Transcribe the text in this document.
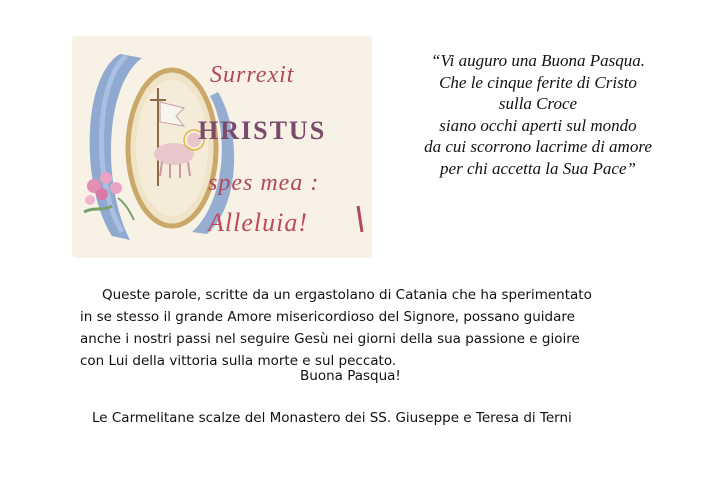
Surrexit
HRISTUS
spes mea :
Alleluia!
“Vi auguro una Buona Pasqua.
Che le cinque ferite di Cristo
sulla Croce
siano occhi aperti sul mondo
da cui scorrono lacrime di amore
per chi accetta la Sua Pace”
Queste parole, scritte da un ergastolano di Catania che ha sperimentato
in se stesso il grande Amore misericordioso del Signore, possano guidare
anche i nostri passi nel seguire Gesù nei giorni della sua passione e gioire
con Lui della vittoria sulla morte e sul peccato.
Buona Pasqua!
Le Carmelitane scalze del Monastero dei SS. Giuseppe e Teresa di Terni
